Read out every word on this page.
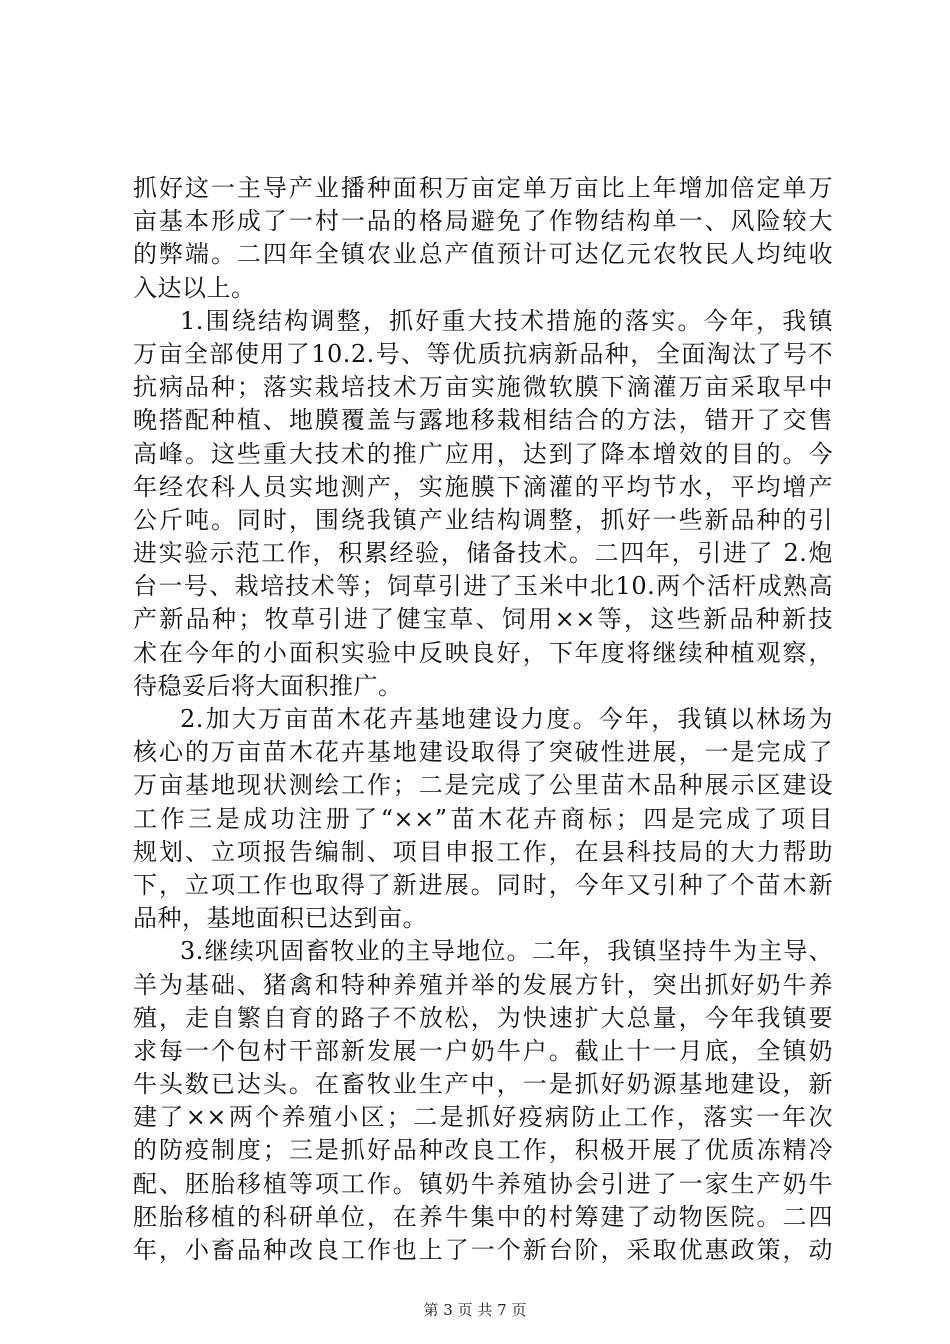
抓好这一主导产业播种面积万亩定单万亩比上年增加倍定单万
亩基本形成了一村一品的格局避免了作物结构单一、风险较大
的弊端。二四年全镇农业总产值预计可达亿元农牧民人均纯收
入达以上。
1.围绕结构调整，抓好重大技术措施的落实。今年，我镇
万亩全部使用了10.2.号、等优质抗病新品种，全面淘汰了号不
抗病品种；落实栽培技术万亩实施微软膜下滴灌万亩采取早中
晚搭配种植、地膜覆盖与露地移栽相结合的方法，错开了交售
高峰。这些重大技术的推广应用，达到了降本增效的目的。今
年经农科人员实地测产，实施膜下滴灌的平均节水，平均增产
公斤吨。同时，围绕我镇产业结构调整，抓好一些新品种的引
进实验示范工作，积累经验，储备技术。二四年，引进了 2.炮
台一号、栽培技术等；饲草引进了玉米中北10.两个活杆成熟高
产新品种；牧草引进了健宝草、饲用××等，这些新品种新技
术在今年的小面积实验中反映良好，下年度将继续种植观察，
待稳妥后将大面积推广。
2.加大万亩苗木花卉基地建设力度。今年，我镇以林场为
核心的万亩苗木花卉基地建设取得了突破性进展，一是完成了
万亩基地现状测绘工作；二是完成了公里苗木品种展示区建设
工作三是成功注册了“××”苗木花卉商标；四是完成了项目
规划、立项报告编制、项目申报工作，在县科技局的大力帮助
下，立项工作也取得了新进展。同时，今年又引种了个苗木新
品种，基地面积已达到亩。
3.继续巩固畜牧业的主导地位。二年，我镇坚持牛为主导、
羊为基础、猪禽和特种养殖并举的发展方针，突出抓好奶牛养
殖，走自繁自育的路子不放松，为快速扩大总量，今年我镇要
求每一个包村干部新发展一户奶牛户。截止十一月底，全镇奶
牛头数已达头。在畜牧业生产中，一是抓好奶源基地建设，新
建了××两个养殖小区；二是抓好疫病防止工作，落实一年次
的防疫制度；三是抓好品种改良工作，积极开展了优质冻精冷
配、胚胎移植等项工作。镇奶牛养殖协会引进了一家生产奶牛
胚胎移植的科研单位，在养牛集中的村筹建了动物医院。二四
年，小畜品种改良工作也上了一个新台阶，采取优惠政策，动
第 3 页 共 7 页
